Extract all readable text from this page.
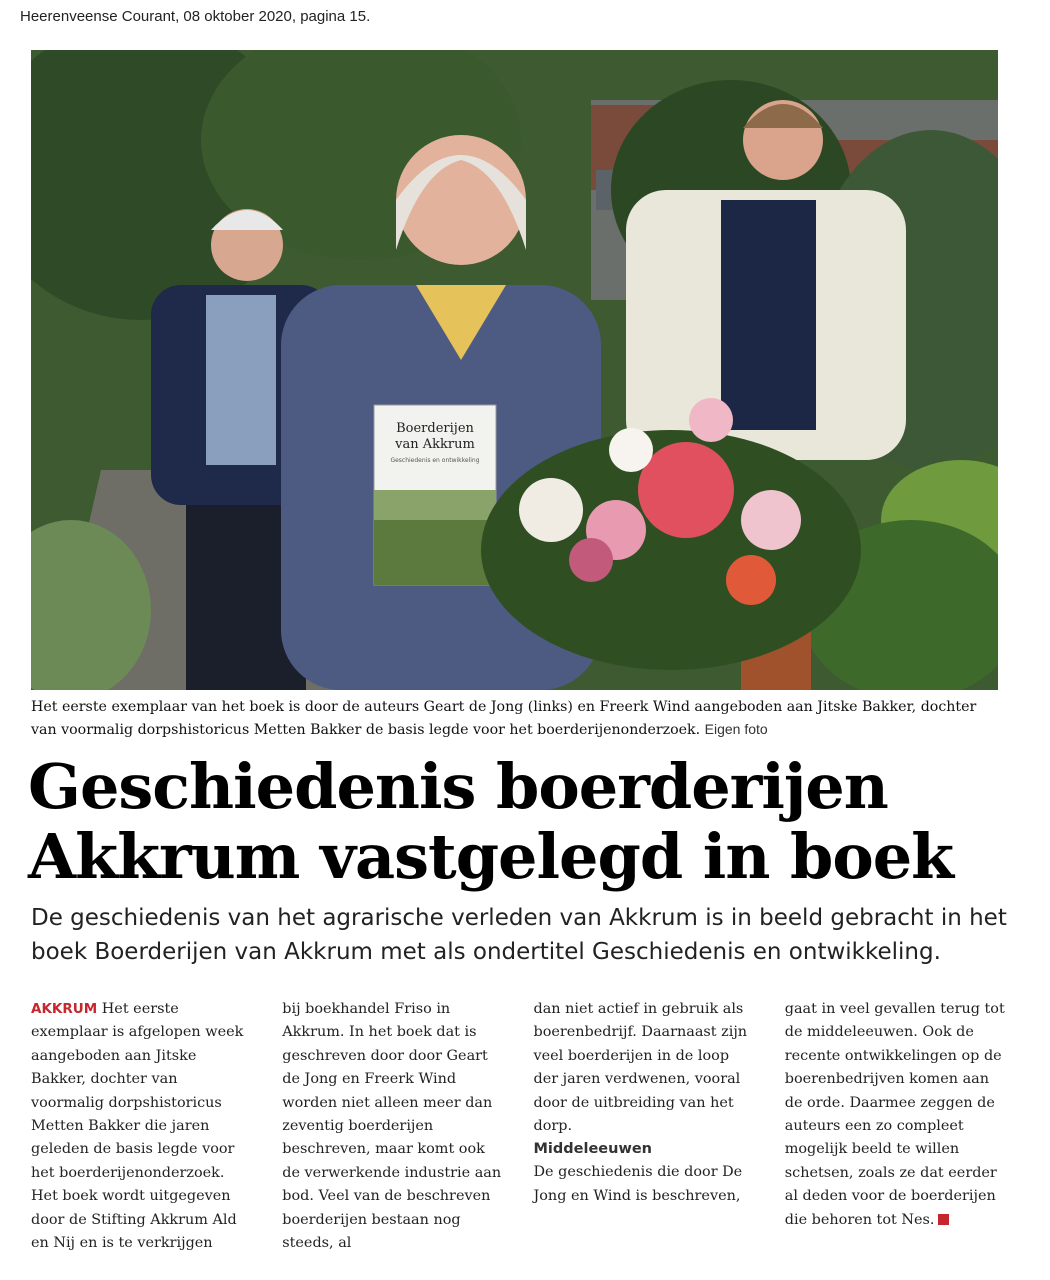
Heerenveense Courant, 08 oktober 2020, pagina 15.
Boerderijen
van Akkrum
Geschiedenis en ontwikkeling
Het eerste exemplaar van het boek is door de auteurs Geart de Jong (links) en Freerk Wind aangeboden aan Jitske Bakker, dochter van voormalig dorpshistoricus Metten Bakker de basis legde voor het boerderijenonderzoek. Eigen foto
Geschiedenis boerderijen
Akkrum vastgelegd in boek

De geschiedenis van het agrarische verleden van Akkrum is in beeld gebracht in het boek Boerderijen van Akkrum met als ondertitel Geschiedenis en ontwikkeling.

AKKRUM Het eerste exemplaar is afgelopen week aangeboden aan Jitske Bakker, dochter van voormalig dorpshistoricus Metten Bakker die jaren geleden de basis legde voor het boerderijenonderzoek. Het boek wordt uitgegeven door de Stifting Akkrum Ald en Nij en is te verkrijgen

bij boekhandel Friso in Akkrum. In het boek dat is geschreven door door Geart de Jong en Freerk Wind worden niet alleen meer dan zeventig boerderijen beschreven, maar komt ook de verwerkende industrie aan bod. Veel van de beschreven boerderijen bestaan nog steeds, al

dan niet actief in gebruik als boerenbedrijf. Daarnaast zijn veel boerderijen in de loop der jaren verdwenen, vooral door de uitbreiding van het dorp.

Middeleeuwen

De geschiedenis die door De Jong en Wind is beschreven,

gaat in veel gevallen terug tot de middeleeuwen. Ook de recente ontwikkelingen op de boerenbedrijven komen aan de orde. Daarmee zeggen de auteurs een zo compleet mogelijk beeld te willen schetsen, zoals ze dat eerder al deden voor de boerderijen die behoren tot Nes.
